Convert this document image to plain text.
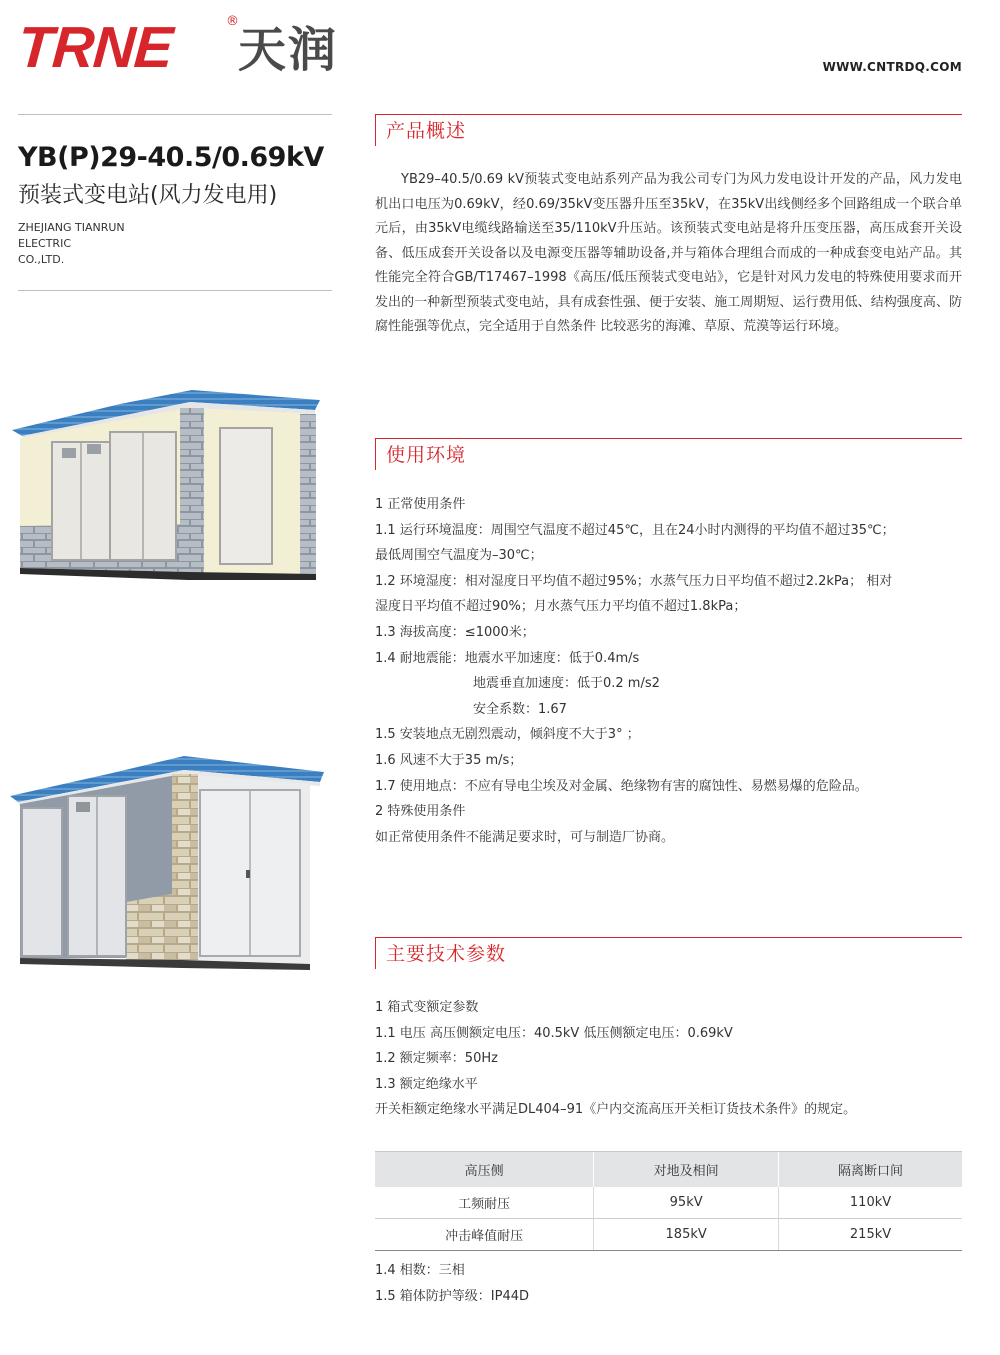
TRNE	®
天润	WWW.CNTRDQ.COM
YB(P)29-40.5/0.69kV
预装式变电站(风力发电用)
ZHEJIANG TIANRUN
ELECTRIC
CO.,LTD.
产品概述
YB29–40.5/0.69 kV预装式变电站系列产品为我公司专门为风力发电设计开发的产品，风力发电机出口电压为0.69kV，经0.69/35kV变压器升压至35kV，在35kV出线侧经多个回路组成一个联合单元后，由35kV电缆线路输送至35/110kV升压站。该预装式变电站是将升压变压器，高压成套开关设备、低压成套开关设备以及电源变压器等辅助设备,并与箱体合理组合而成的一种成套变电站产品。其性能完全符合GB/T17467–1998《高压/低压预装式变电站》，它是针对风力发电的特殊使用要求而开发出的一种新型预装式变电站，具有成套性强、便于安装、施工周期短、运行费用低、结构强度高、防腐性能强等优点，完全适用于自然条件 比较恶劣的海滩、草原、荒漠等运行环境。
使用环境
1 正常使用条件
1.1 运行环境温度：周围空气温度不超过45℃，且在24小时内测得的平均值不超过35℃；
最低周围空气温度为–30℃；
1.2 环境湿度：相对湿度日平均值不超过95%；水蒸气压力日平均值不超过2.2kPa； 相对
湿度日平均值不超过90%；月水蒸气压力平均值不超过1.8kPa；
1.3 海拔高度：≤1000米；
1.4 耐地震能：地震水平加速度：低于0.4m/s
地震垂直加速度：低于0.2 m/s2
安全系数：1.67
1.5 安装地点无剧烈震动，倾斜度不大于3° ；
1.6 风速不大于35 m/s；
1.7 使用地点：不应有导电尘埃及对金属、绝缘物有害的腐蚀性、易燃易爆的危险品。
2 特殊使用条件
如正常使用条件不能满足要求时，可与制造厂协商。
主要技术参数
1 箱式变额定参数
1.1 电压 高压侧额定电压：40.5kV 低压侧额定电压：0.69kV
1.2 额定频率：50Hz
1.3 额定绝缘水平
开关柜额定绝缘水平满足DL404–91《户内交流高压开关柜订货技术条件》的规定。
高压侧	对地及相间	隔离断口间
工频耐压	95kV	110kV
冲击峰值耐压	185kV	215kV
1.4 相数：三相
1.5 箱体防护等级：IP44D
